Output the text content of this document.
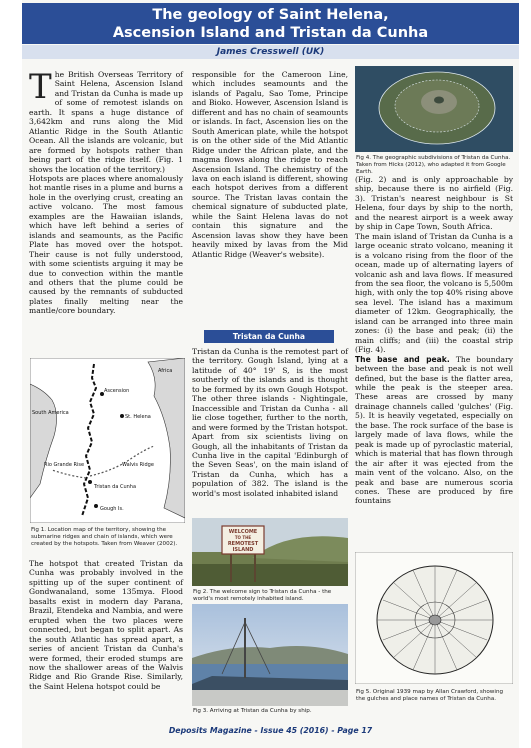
The geology of Saint Helena,
Ascension Island and Tristan da Cunha
James Cresswell (UK)

The British Overseas Territory of Saint Helena, Ascension Island and Tristan da Cunha is made up of some of remotest islands on earth. It spans a huge distance of 3,642km and runs along the Mid Atlantic Ridge in the South Atlantic Ocean. All the islands are volcanic, but are formed by hotspots rather than being part of the ridge itself. (Fig. 1 shows the location of the territory.)

Hotspots are places where anomalously hot mantle rises in a plume and burns a hole in the overlying crust, creating an active volcano. The most famous examples are the Hawaiian islands, which have left behind a series of islands and seamounts, as the Pacific Plate has moved over the hotspot. Their cause is not fully understood, with some scientists arguing it may be due to convection within the mantle and others that the plume could be caused by the remnants of subducted plates finally melting near the mantle/core boundary.

Africa
South America
Ascension
St. Helena
Tristan da Cunha
Gough Is.
Walvis Ridge
Rio Grande Rise
Fig 1. Location map of the territory, showing the submarine ridges and chain of islands, which were created by the hotspots. Taken from Weaver (2002).

The hotspot that created Tristan da Cunha was probably involved in the spitting up of the super continent of Gondwanaland, some 135mya. Flood basalts exist in modern day Parana, Brazil, Etendeka and Nambia, and were erupted when the two places were connected, but began to split apart. As the south Atlantic has spread apart, a series of ancient Tristan da Cunha's were formed, their eroded stumps are now the shallower areas of the Walvis Ridge and Rio Grande Rise. Similarly, the Saint Helena hotspot could be

responsible for the Cameroon Line, which includes seamounts and the islands of Pagalu, Sao Tome, Principe and Bioko. However, Ascension Island is different and has no chain of seamounts or islands. In fact, Ascension lies on the South American plate, while the hotspot is on the other side of the Mid Atlantic Ridge under the African plate, and the magma flows along the ridge to reach Ascension Island. The chemistry of the lava on each island is different, showing each hotspot derives from a different source. The Tristan lavas contain the chemical signature of subducted plate, while the Saint Helena lavas do not contain this signature and the Ascension lavas show they have been heavily mixed by lavas from the Mid Atlantic Ridge (Weaver's website).

Tristan da Cunha

Tristan da Cunha is the remotest part of the territory. Gough Island, lying at a latitude of 40° 19' S, is the most southerly of the islands and is thought to be formed by its own Gough Hotspot. The other three islands - Nightingale, Inaccessible and Tristan da Cunha - all lie close together, further to the north, and were formed by the Tristan hotspot. Apart from six scientists living on Gough, all the inhabitants of Tristan da Cunha live in the capital 'Edinburgh of the Seven Seas', on the main island of Tristan da Cunha, which has a population of 382. The island is the world's most isolated inhabited island

WELCOME
TO THE
REMOTEST
ISLAND
Fig 2. The welcome sign to Tristan da Cunha - the world's most remotely inhabited island.
Fig 3. Arriving at Tristan da Cunha by ship.
Fig 4. The geographic subdivisions of Tristan da Cunha. Taken from Hicks (2012), who adapted it from Google Earth.

(Fig. 2) and is only approachable by ship, because there is no airfield (Fig. 3). Tristan's nearest neighbour is St Helena, four days by ship to the north, and the nearest airport is a week away by ship in Cape Town, South Africa.

The main island of Tristan da Cunha is a large oceanic strato volcano, meaning it is a volcano rising from the floor of the ocean, made up of alternating layers of volcanic ash and lava flows. If measured from the sea floor, the volcano is 5,500m high, with only the top 40% rising above sea level. The island has a maximum diameter of 12km. Geographically, the island can be arranged into three main zones: (i) the base and peak; (ii) the main cliffs; and (iii) the coastal strip (Fig. 4).

The base and peak. The boundary between the base and peak is not well defined, but the base is the flatter area, while the peak is the steeper area. These areas are crossed by many drainage channels called 'gulches' (Fig. 5). It is heavily vegetated, especially on the base. The rock surface of the base is largely made of lava flows, while the peak is made up of pyroclastic material, which is material that has flown through the air after it was ejected from the main vent of the volcano. Also, on the peak and base are numerous scoria cones. These are produced by fire fountains

Fig 5. Original 1939 map by Allan Crawford, showing the gulches and place names of Tristan da Cunha.
Deposits Magazine - Issue 45 (2016) - Page 17
